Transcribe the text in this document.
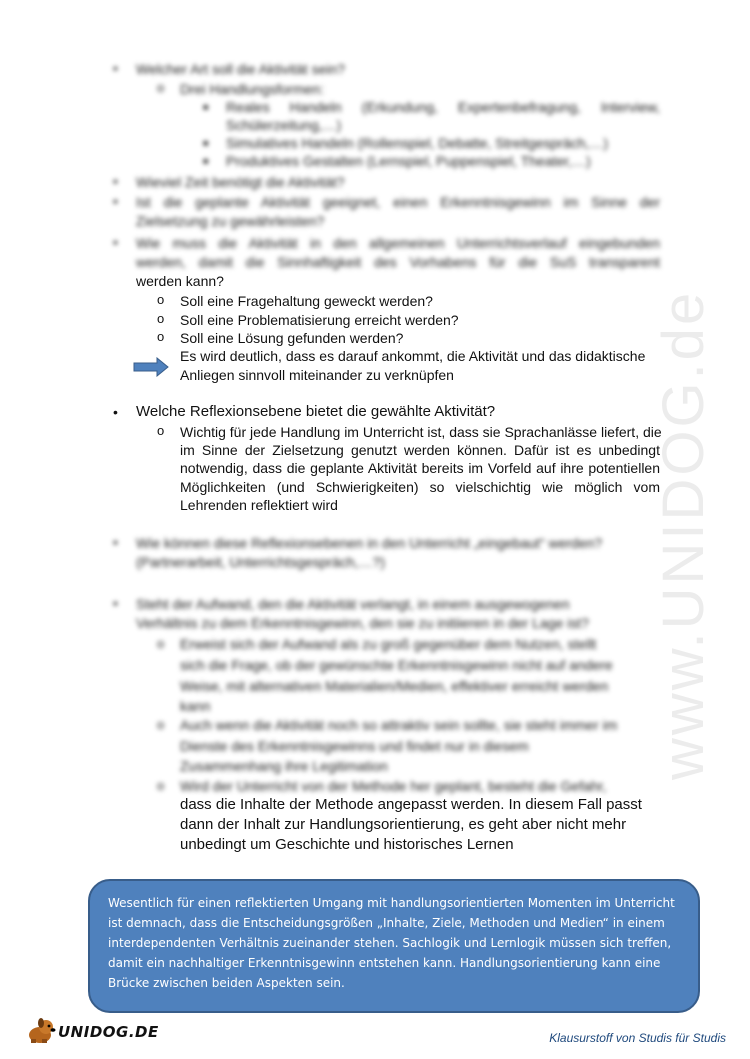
www.UNIDOG.de
• Welcher Art soll die Aktivität sein?
o Drei Handlungsformen:
■ Reales Handeln (Erkundung, Expertenbefragung, Interview,
Schülerzeitung,…)
■ Simulatives Handeln (Rollenspiel, Debatte, Streitgespräch,…)
■ Produktives Gestalten (Lernspiel, Puppenspiel, Theater,…)
• Wieviel Zeit benötigt die Aktivität?
• Ist die geplante Aktivität geeignet, einen Erkenntnisgewinn im Sinne der
Zielsetzung zu gewährleisten?
• Wie muss die Aktivität in den allgemeinen Unterrichtsverlauf eingebunden
werden, damit die Sinnhaftigkeit des Vorhabens für die SuS transparent
werden kann?
o Soll eine Fragehaltung geweckt werden?
o Soll eine Problematisierung erreicht werden?
o Soll eine Lösung gefunden werden?
Es wird deutlich, dass es darauf ankommt, die Aktivität und das didaktische
Anliegen sinnvoll miteinander zu verknüpfen
• Welche Reflexionsebene bietet die gewählte Aktivität?
o Wichtig für jede Handlung im Unterricht ist, dass sie Sprachanlässe liefert, die
im Sinne der Zielsetzung genutzt werden können. Dafür ist es unbedingt
notwendig, dass die geplante Aktivität bereits im Vorfeld auf ihre potentiellen
Möglichkeiten (und Schwierigkeiten) so vielschichtig wie möglich vom
Lehrenden reflektiert wird
• Wie können diese Reflexionsebenen in den Unterricht „eingebaut“ werden?
(Partnerarbeit, Unterrichtsgespräch,…?)
• Steht der Aufwand, den die Aktivität verlangt, in einem ausgewogenen
Verhältnis zu dem Erkenntnisgewinn, den sie zu initiieren in der Lage ist?
o Erweist sich der Aufwand als zu groß gegenüber dem Nutzen, stellt
sich die Frage, ob der gewünschte Erkenntnisgewinn nicht auf andere
Weise, mit alternativen Materialien/Medien, effektiver erreicht werden
kann
o Auch wenn die Aktivität noch so attraktiv sein sollte, sie steht immer im
Dienste des Erkenntnisgewinns und findet nur in diesem
Zusammenhang ihre Legitimation
o Wird der Unterricht von der Methode her geplant, besteht die Gefahr,
dass die Inhalte der Methode angepasst werden. In diesem Fall passt
dann der Inhalt zur Handlungsorientierung, es geht aber nicht mehr
unbedingt um Geschichte und historisches Lernen
Wesentlich für einen reflektierten Umgang mit handlungsorientierten Momenten im Unterricht ist demnach, dass die Entscheidungsgrößen „Inhalte, Ziele, Methoden und Medien“ in einem interdependenten Verhältnis zueinander stehen. Sachlogik und Lernlogik müssen sich treffen, damit ein nachhaltiger Erkenntnisgewinn entstehen kann. Handlungsorientierung kann eine Brücke zwischen beiden Aspekten sein.
UNIDOG.DE	Klausurstoff von Studis für Studis
